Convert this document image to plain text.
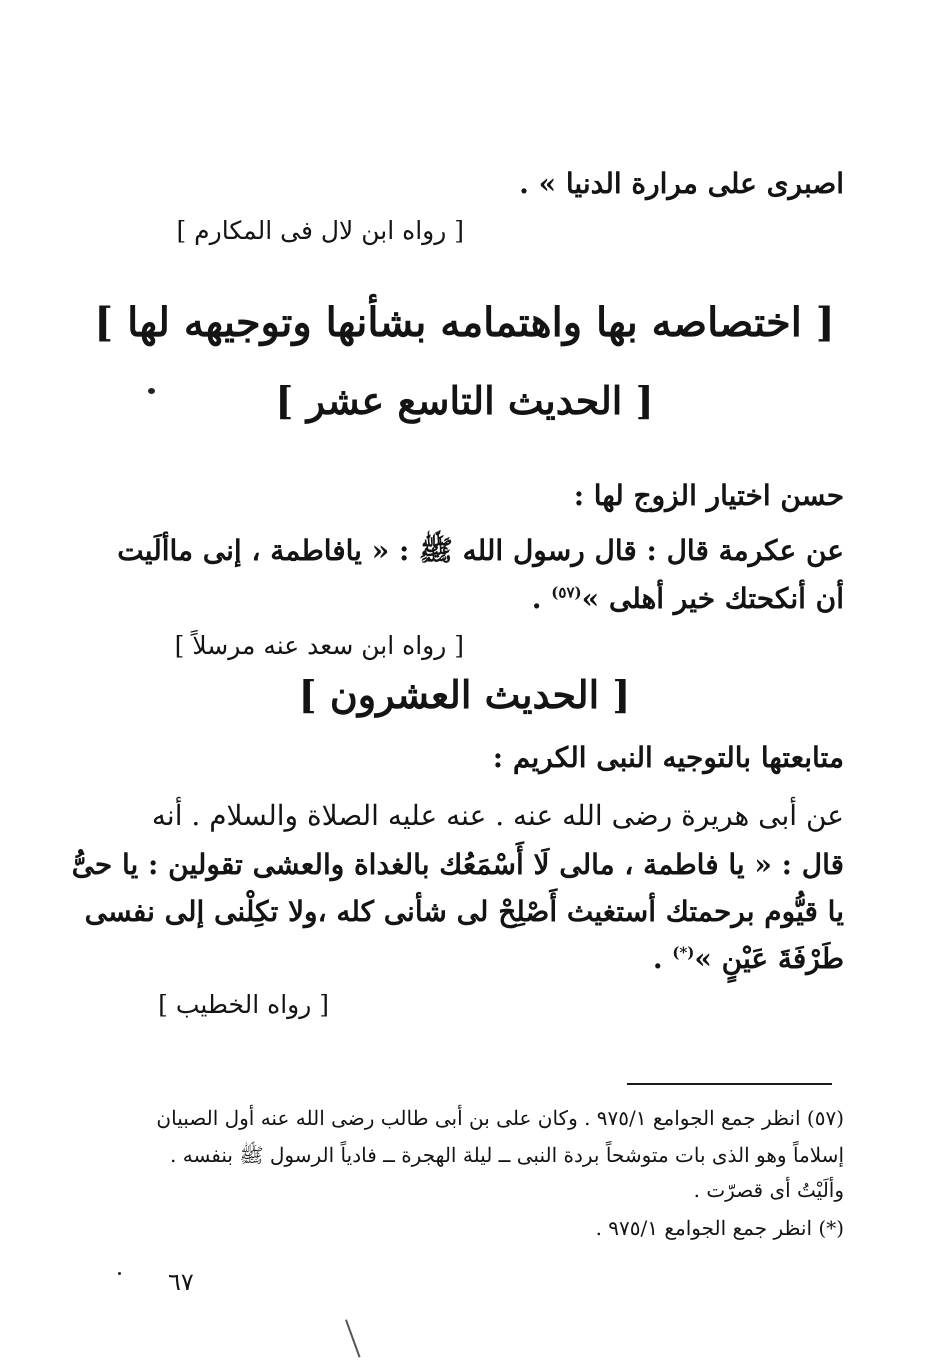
اصبرى على مرارة الدنيا » .
[ رواه ابن لال فى المكارم ]
[ اختصاصه بها واهتمامه بشأنها وتوجيهه لها ]
[ الحديث التاسع عشر ]
حسن اختيار الزوج لها :
عن عكرمة قال : قال رسول الله ﷺ : « يافاطمة ، إنى ماألَيت
أن أنكحتك خير أهلى »$^{(٥٧)}$ .
[ رواه ابن سعد عنه مرسلاً ]
[ الحديث العشرون ]
متابعتها بالتوجيه النبى الكريم :
عن أبى هريرة رضى الله عنه . عنه عليه الصلاة والسلام . أنه
قال : « يا فاطمة ، مالى لَا أَسْمَعُك بالغداة والعشى تقولين : يا حىُّ
يا قيُّوم برحمتك أستغيث أَصْلِحْ لى شأنى كله ،ولا تكِلْنى إلى نفسى
طَرْفَةَ عَيْنٍ »(*) .
[ رواه الخطيب ]
(٥٧) انظر جمع الجوامع ٩٧٥/١ . وكان على بن أبى طالب رضى الله عنه أول الصبيان
إسلاماً وهو الذى بات متوشحاً بردة النبى ــ ليلة الهجرة ــ فادياً الرسول ﷺ بنفسه .
وألَيْتُ أى قصرّت .
(*) انظر جمع الجوامع ٩٧٥/١ .
٦٧
